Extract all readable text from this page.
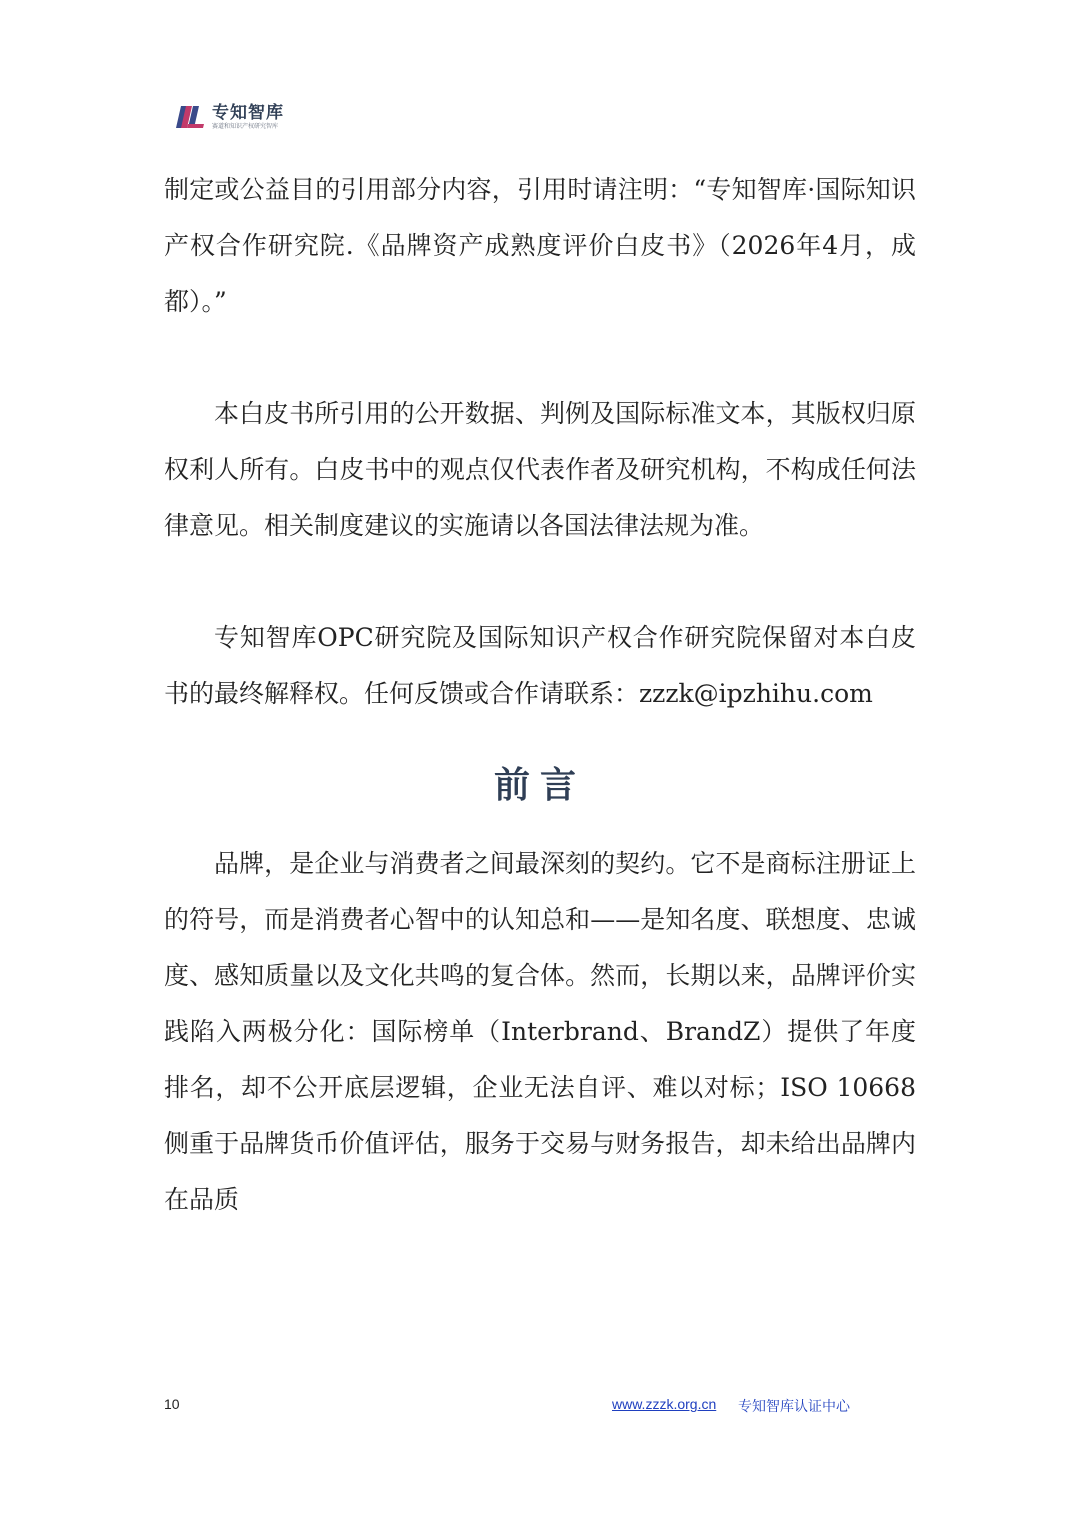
专知智库
赛道和知识产权研究智库

制定或公益目的引用部分内容，引用时请注明：“专知智库·国际知识产权合作研究院.《品牌资产成熟度评价白皮书》（2026年4月，成都）。”

本白皮书所引用的公开数据、判例及国际标准文本，其版权归原权利人所有。白皮书中的观点仅代表作者及研究机构，不构成任何法律意见。相关制度建议的实施请以各国法律法规为准。

专知智库OPC研究院及国际知识产权合作研究院保留对本白皮书的最终解释权。任何反馈或合作请联系：zzzk@ipzhihu.com

前言

品牌，是企业与消费者之间最深刻的契约。它不是商标注册证上的符号，而是消费者心智中的认知总和——是知名度、联想度、忠诚度、感知质量以及文化共鸣的复合体。然而，长期以来，品牌评价实践陷入两极分化：国际榜单（Interbrand、BrandZ）提供了年度排名，却不公开底层逻辑，企业无法自评、难以对标；ISO 10668侧重于品牌货币价值评估，服务于交易与财务报告，却未给出品牌内在品质

10	www.zzzk.org.cn 专知智库认证中心
